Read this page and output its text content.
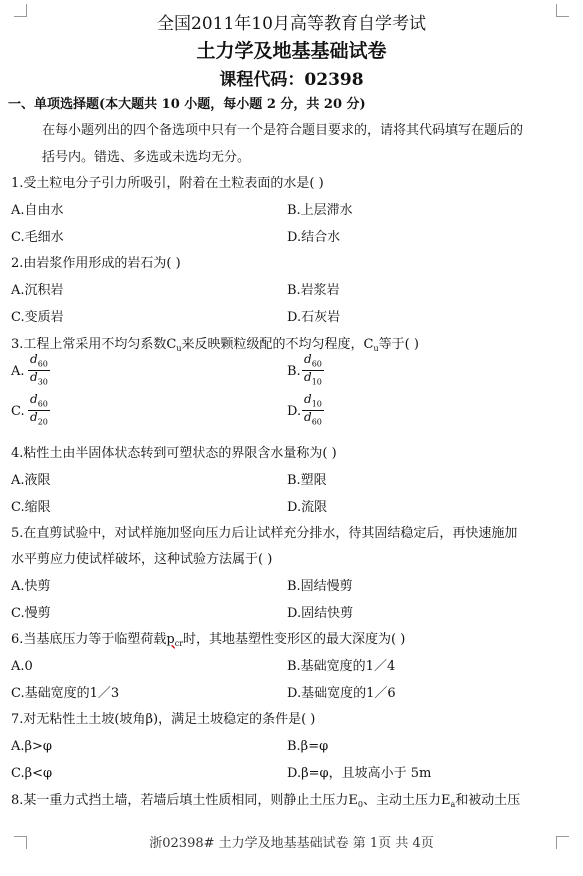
全国2011年10月高等教育自学考试
土力学及地基基础试卷
课程代码：02398
一、单项选择题(本大题共 10 小题，每小题 2 分，共 20 分)
在每小题列出的四个备选项中只有一个是符合题目要求的，请将其代码填写在题后的
括号内。错选、多选或未选均无分。
1.受土粒电分子引力所吸引，附着在土粒表面的水是( )
A.自由水	B.上层滞水
C.毛细水	D.结合水
2.由岩浆作用形成的岩石为( )
A.沉积岩	B.岩浆岩
C.变质岩	D.石灰岩
3.工程上常采用不均匀系数$C_u$来反映颗粒级配的不均匀程度，$C_u$等于( )
A. $\frac{d_{60}}{d_{30}}$	B. $\frac{d_{60}}{d_{10}}$
C. $\frac{d_{60}}{d_{20}}$	D. $\frac{d_{10}}{d_{60}}$
4.粘性土由半固体状态转到可塑状态的界限含水量称为( )
A.液限	B.塑限
C.缩限	D.流限
5.在直剪试验中，对试样施加竖向压力后让试样充分排水，待其固结稳定后，再快速施加
水平剪应力使试样破坏，这种试验方法属于( )
A.快剪	B.固结慢剪
C.慢剪	D.固结快剪
6.当基底压力等于临塑荷载$p_{cr}$时，其地基塑性变形区的最大深度为( )
A.0	B.基础宽度的1／4
C.基础宽度的1／3	D.基础宽度的1／6
7.对无粘性土土坡(坡角β)，满足土坡稳定的条件是( )
A.β>φ	B.β=φ
C.β<φ	D.β=φ，且坡高小于 5m
8.某一重力式挡土墙，若墙后填土性质相同，则静止土压力$E_0$、主动土压力$E_a$和被动土压
浙02398# 土力学及地基基础试卷 第 1页 共 4页
